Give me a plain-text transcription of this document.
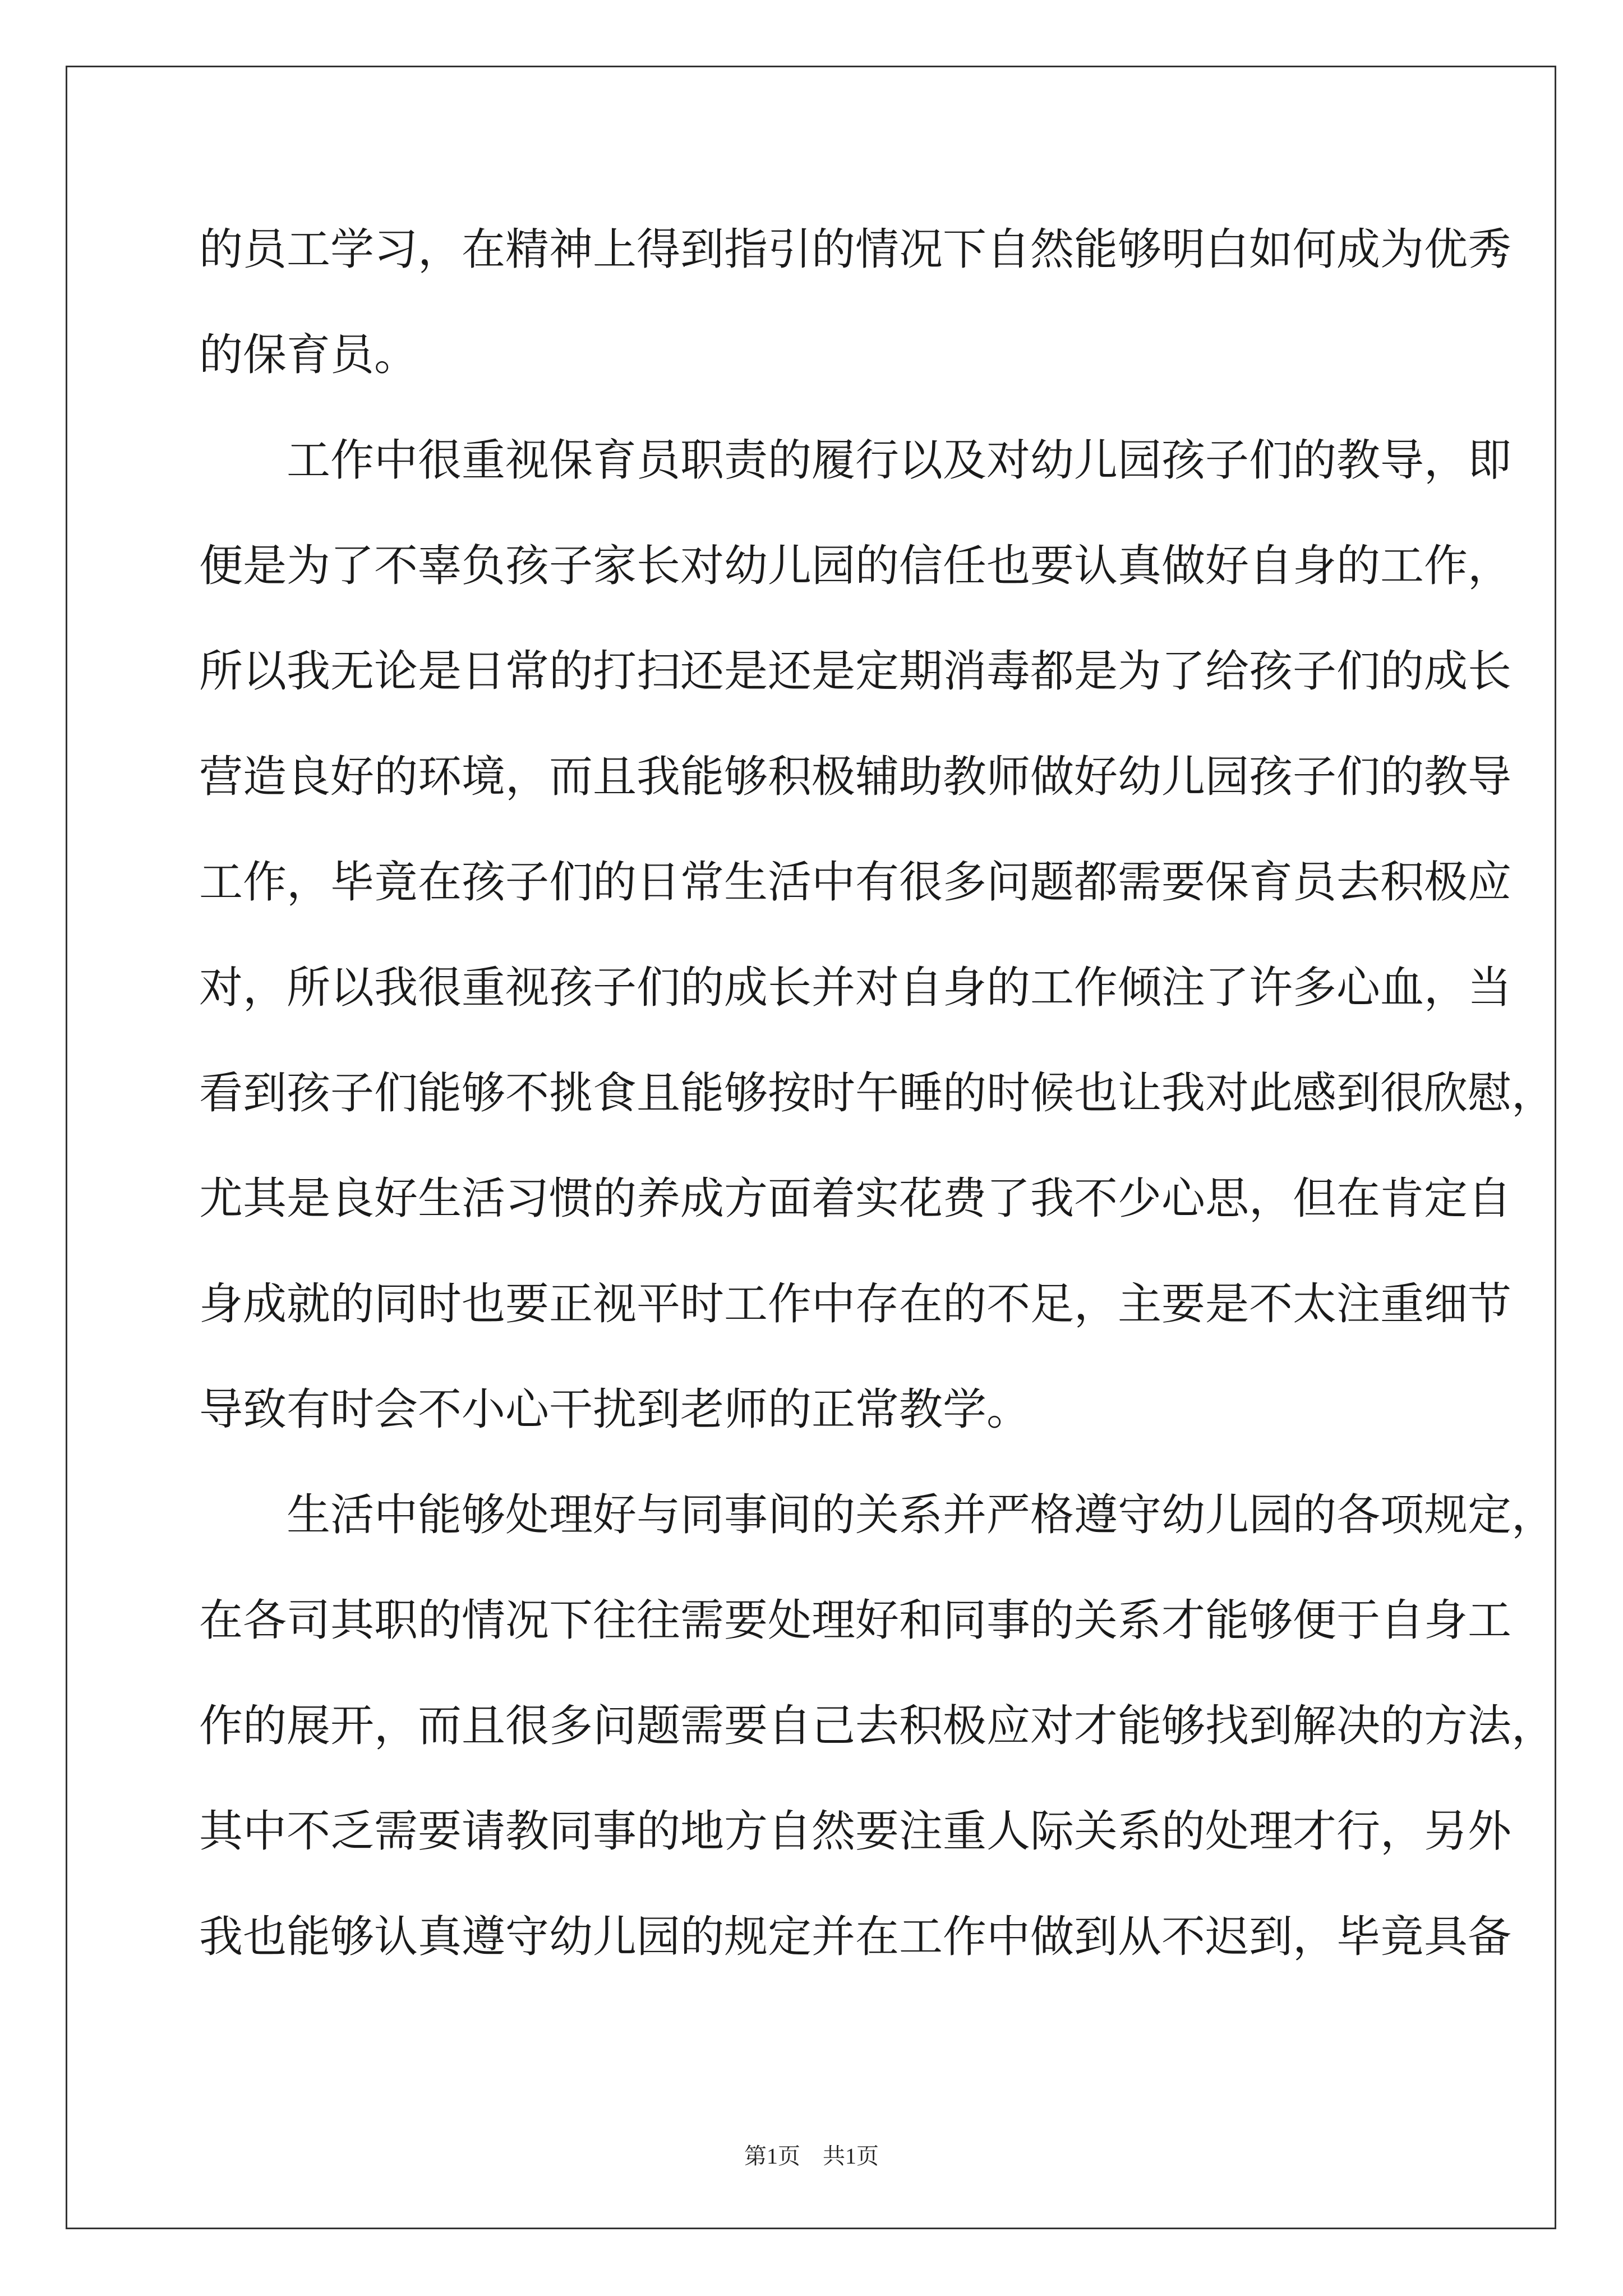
的员工学习，在精神上得到指引的情况下自然能够明白如何成为优秀
的保育员。
　　工作中很重视保育员职责的履行以及对幼儿园孩子们的教导，即
便是为了不辜负孩子家长对幼儿园的信任也要认真做好自身的工作，
所以我无论是日常的打扫还是还是定期消毒都是为了给孩子们的成长
营造良好的环境，而且我能够积极辅助教师做好幼儿园孩子们的教导
工作，毕竟在孩子们的日常生活中有很多问题都需要保育员去积极应
对，所以我很重视孩子们的成长并对自身的工作倾注了许多心血，当
看到孩子们能够不挑食且能够按时午睡的时候也让我对此感到很欣慰，
尤其是良好生活习惯的养成方面着实花费了我不少心思，但在肯定自
身成就的同时也要正视平时工作中存在的不足，主要是不太注重细节
导致有时会不小心干扰到老师的正常教学。
　　生活中能够处理好与同事间的关系并严格遵守幼儿园的各项规定，
在各司其职的情况下往往需要处理好和同事的关系才能够便于自身工
作的展开，而且很多问题需要自己去积极应对才能够找到解决的方法，
其中不乏需要请教同事的地方自然要注重人际关系的处理才行，另外
我也能够认真遵守幼儿园的规定并在工作中做到从不迟到，毕竟具备
第1页　共1页
